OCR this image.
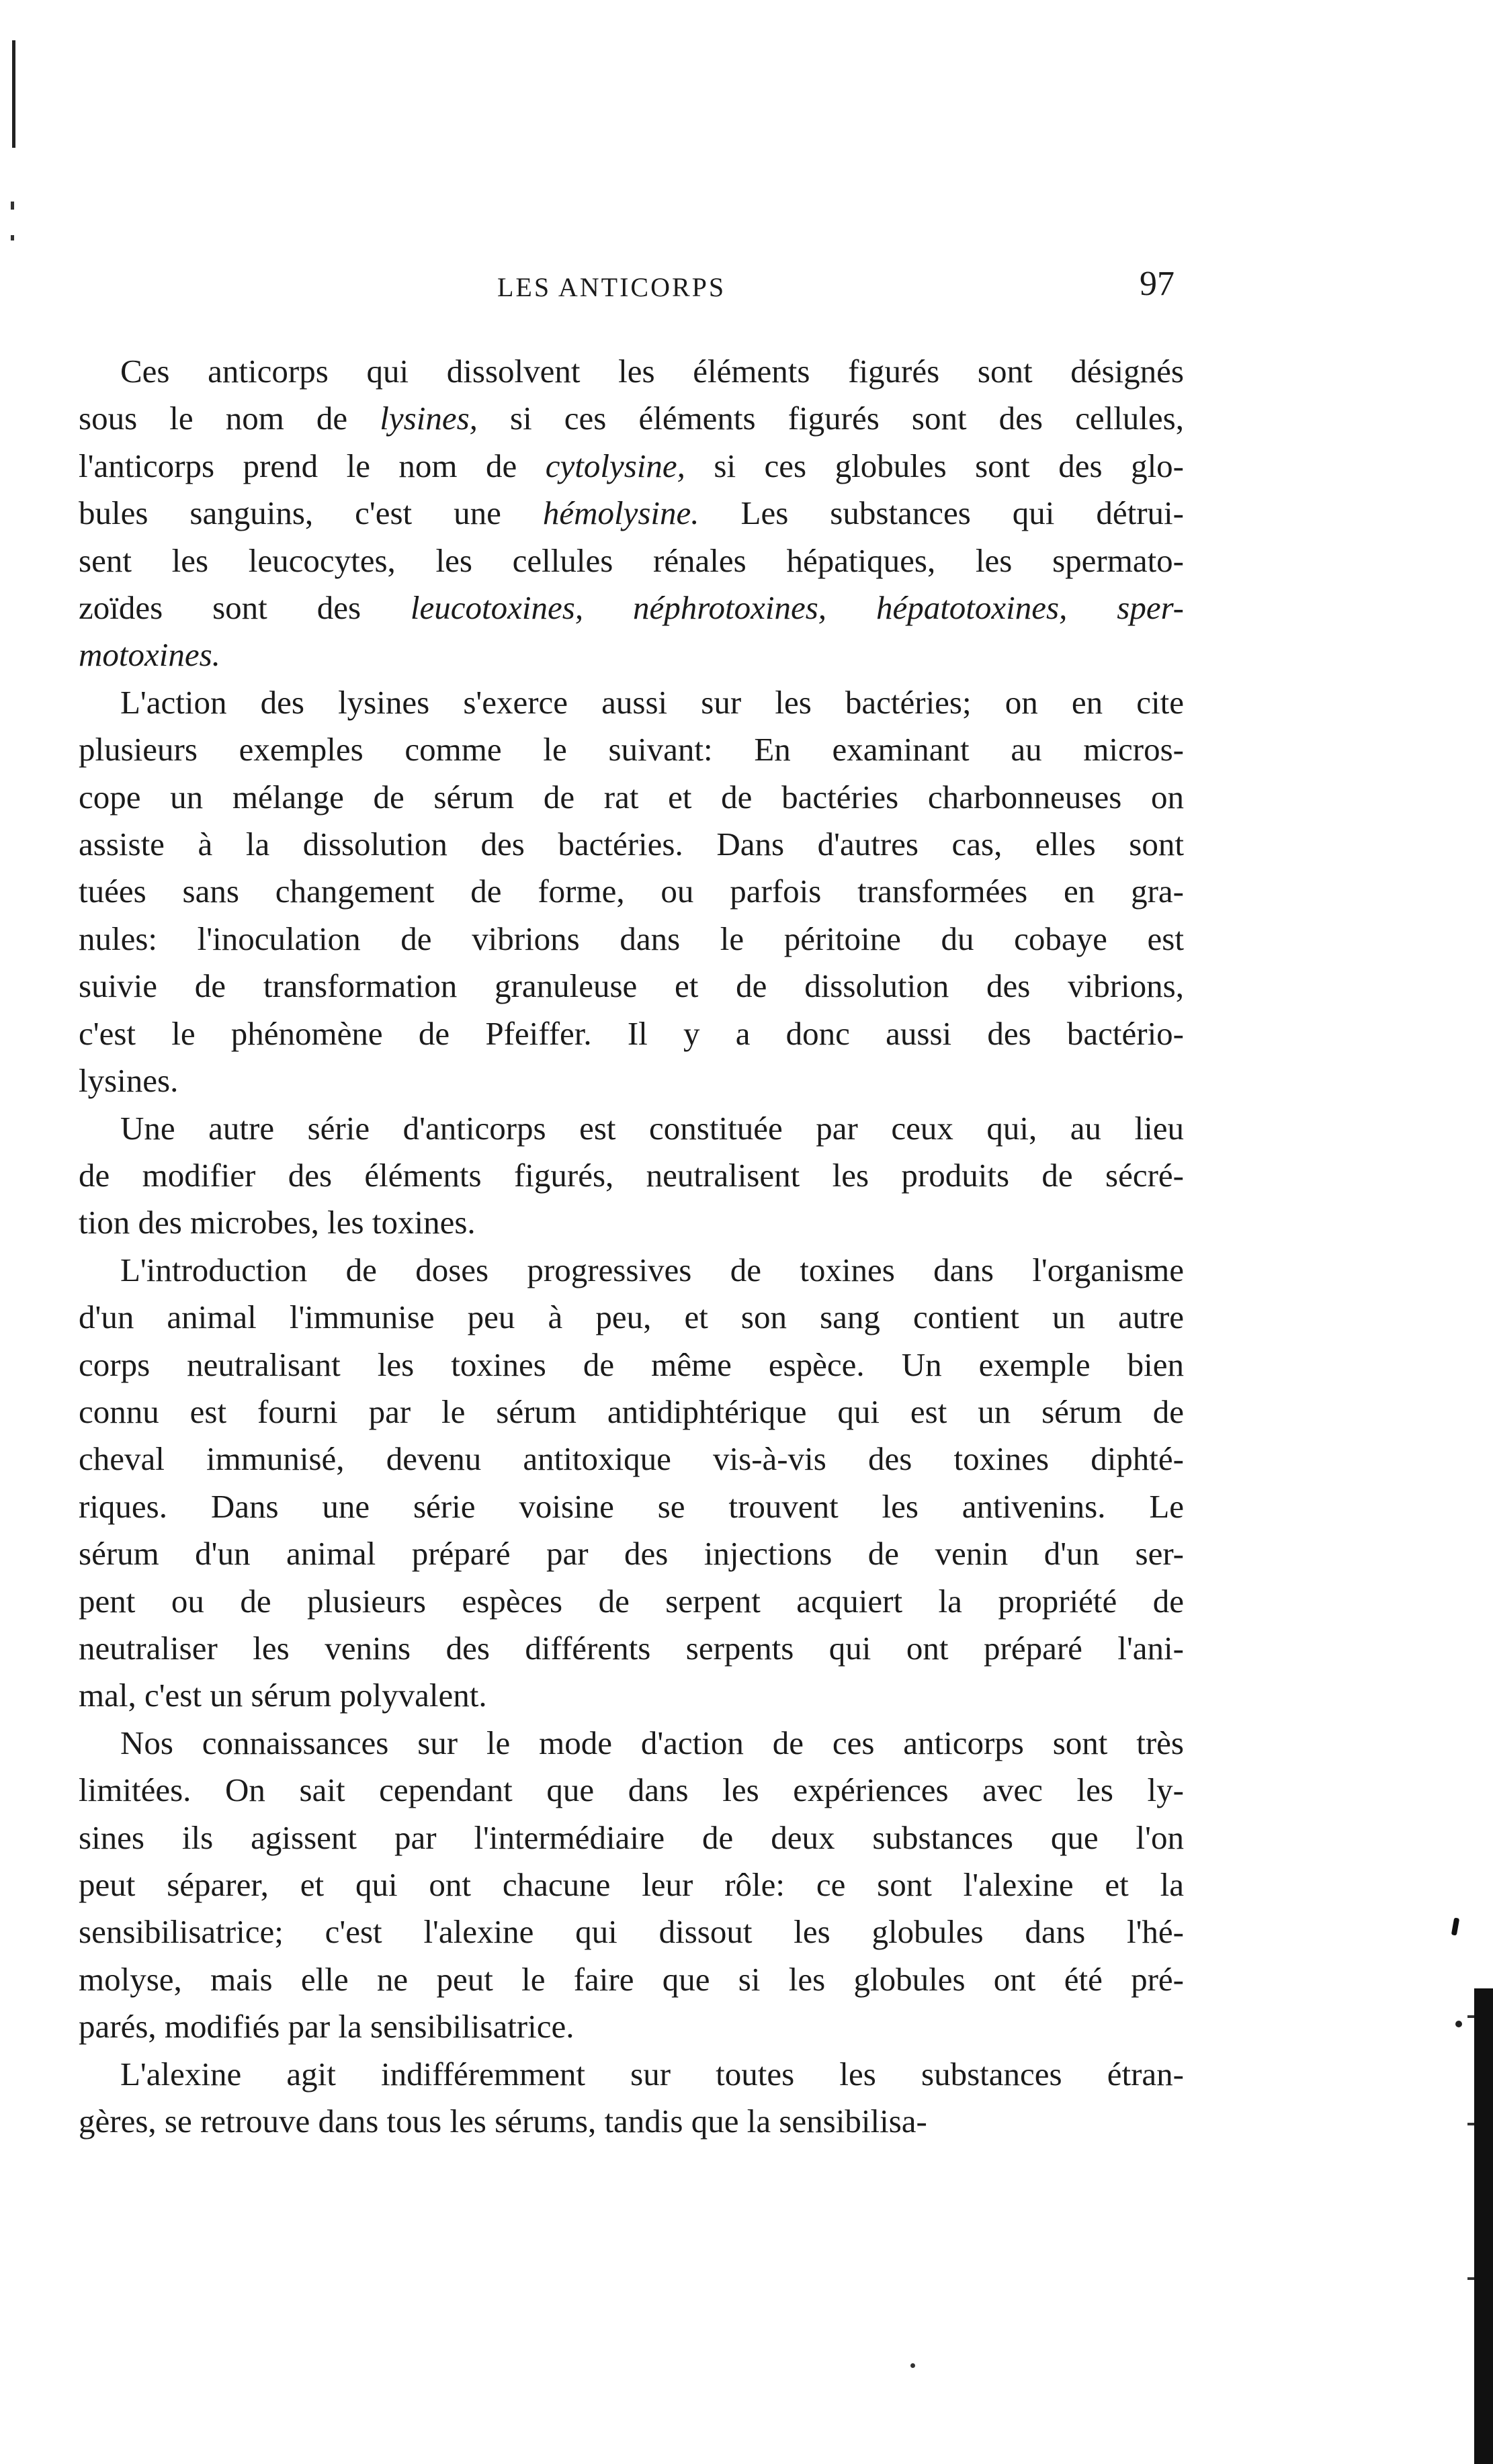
LES ANTICORPS	97

Ces anticorps qui dissolvent les éléments figurés sont désignés
sous le nom de lysines, si ces éléments figurés sont des cellules,
l'anticorps prend le nom de cytolysine, si ces globules sont des glo-
bules sanguins, c'est une hémolysine. Les substances qui détrui-
sent les leucocytes, les cellules rénales hépatiques, les spermato-
zoïdes sont des leucotoxines, néphrotoxines, hépatotoxines, sper-
motoxines.

L'action des lysines s'exerce aussi sur les bactéries; on en cite
plusieurs exemples comme le suivant: En examinant au micros-
cope un mélange de sérum de rat et de bactéries charbonneuses on
assiste à la dissolution des bactéries. Dans d'autres cas, elles sont
tuées sans changement de forme, ou parfois transformées en gra-
nules: l'inoculation de vibrions dans le péritoine du cobaye est
suivie de transformation granuleuse et de dissolution des vibrions,
c'est le phénomène de Pfeiffer. Il y a donc aussi des bactério-
lysines.

Une autre série d'anticorps est constituée par ceux qui, au lieu
de modifier des éléments figurés, neutralisent les produits de sécré-
tion des microbes, les toxines.

L'introduction de doses progressives de toxines dans l'organisme
d'un animal l'immunise peu à peu, et son sang contient un autre
corps neutralisant les toxines de même espèce. Un exemple bien
connu est fourni par le sérum antidiphtérique qui est un sérum de
cheval immunisé, devenu antitoxique vis-à-vis des toxines diphté-
riques. Dans une série voisine se trouvent les antivenins. Le
sérum d'un animal préparé par des injections de venin d'un ser-
pent ou de plusieurs espèces de serpent acquiert la propriété de
neutraliser les venins des différents serpents qui ont préparé l'ani-
mal, c'est un sérum polyvalent.

Nos connaissances sur le mode d'action de ces anticorps sont très
limitées. On sait cependant que dans les expériences avec les ly-
sines ils agissent par l'intermédiaire de deux substances que l'on
peut séparer, et qui ont chacune leur rôle: ce sont l'alexine et la
sensibilisatrice; c'est l'alexine qui dissout les globules dans l'hé-
molyse, mais elle ne peut le faire que si les globules ont été pré-
parés, modifiés par la sensibilisatrice.

L'alexine agit indifféremment sur toutes les substances étran-
gères, se retrouve dans tous les sérums, tandis que la sensibilisa-
